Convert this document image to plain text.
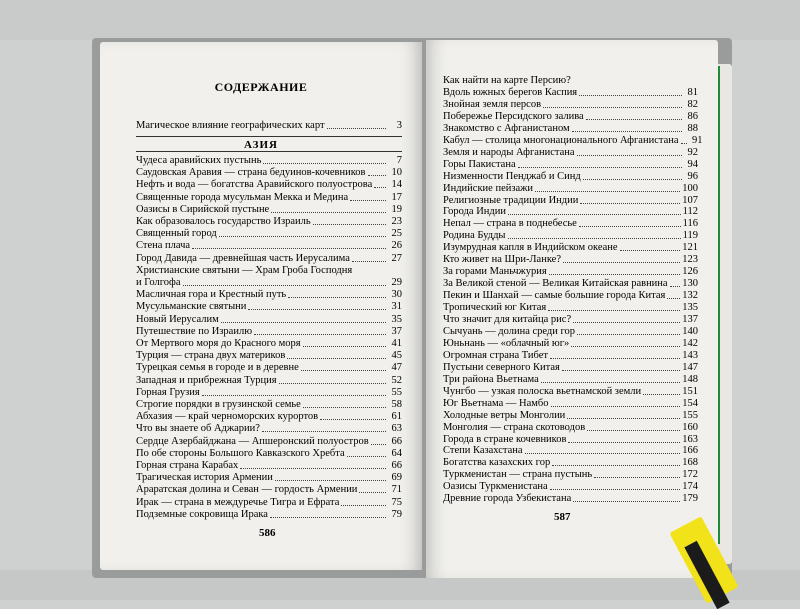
СОДЕРЖАНИЕ
Магическое влияние географических карт	3
АЗИЯ
Чудеса аравийских пустынь	7
Саудовская Аравия — страна бедуинов-кочевников	10
Нефть и вода — богатства Аравийского полуострова	14
Священные города мусульман Мекка и Медина	17
Оазисы в Сирийской пустыне	19
Как образовалось государство Израиль	23
Священный город	25
Стена плача	26
Город Давида — древнейшая часть Иерусалима	27
Христианские святыни — Храм Гроба Господня
и Голгофа	29
Масличная гора и Крестный путь	30
Мусульманские святыни	31
Новый Иерусалим	35
Путешествие по Израилю	37
От Мертвого моря до Красного моря	41
Турция — страна двух материков	45
Турецкая семья в городе и в деревне	47
Западная и прибрежная Турция	52
Горная Грузия	55
Строгие порядки в грузинской семье	58
Абхазия — край черноморских курортов	61
Что вы знаете об Аджарии?	63
Сердце Азербайджана — Апшеронский полуостров	66
По обе стороны Большого Кавказского Хребта	64
Горная страна Карабах	66
Трагическая история Армении	69
Араратская долина и Севан — гордость Армении	71
Ирак — страна в междуречье Тигра и Ефрата	75
Подземные сокровища Ирака	79
Как найти на карте Персию?
Вдоль южных берегов Каспия	81
Знойная земля персов	82
Побережье Персидского залива	86
Знакомство с Афганистаном	88
Кабул — столица многонационального Афганистана	91
Земля и народы Афганистана	92
Горы Пакистана	94
Низменности Пенджаб и Синд	96
Индийские пейзажи	100
Религиозные традиции Индии	107
Города Индии	112
Непал — страна в поднебесье	116
Родина Будды	119
Изумрудная капля в Индийском океане	121
Кто живет на Шри-Ланке?	123
За горами Маньчжурия	126
За Великой стеной — Великая Китайская равнина 130
Пекин и Шанхай — самые большие города Китая 132
Тропический юг Китая	135
Что значит для китайца рис?	137
Сычуань — долина среди гор	140
Юньнань — «облачный юг»	142
Огромная страна Тибет	143
Пустыни северного Китая	147
Три района Вьетнама	148
Чунгбо — узкая полоска вьетнамской земли	151
Юг Вьетнама — Намбо	154
Холодные ветры Монголии	155
Монголия — страна скотоводов	160
Города в стране кочевников	163
Степи Казахстана	166
Богатства казахских гор	168
Туркменистан — страна пустынь	172
Оазисы Туркменистана	174
Древние города Узбекистана	179
586
587
